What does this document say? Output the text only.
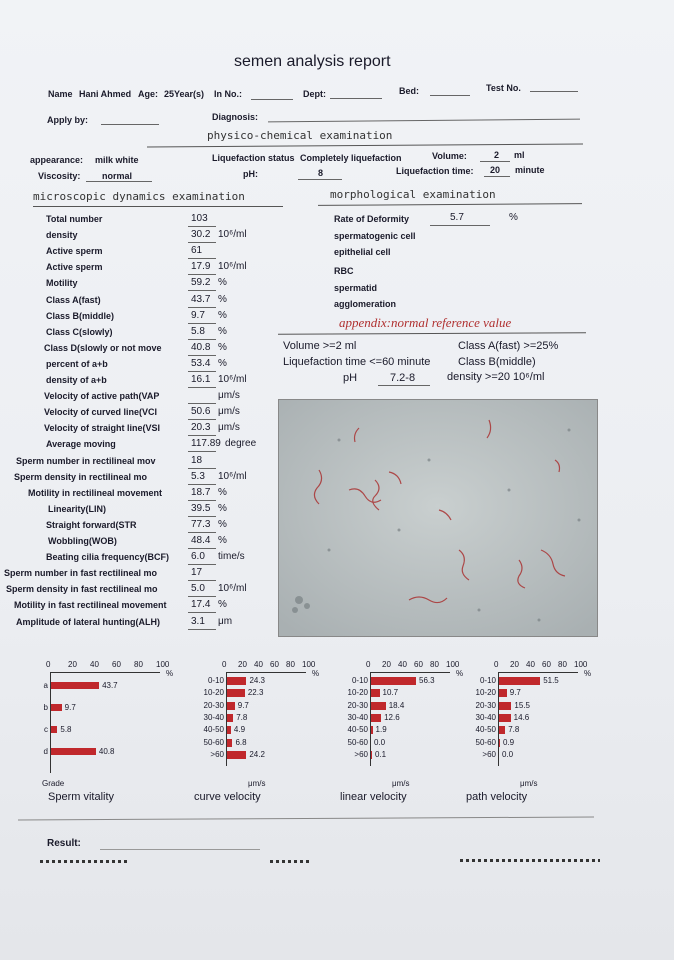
semen analysis report
Name Hani Ahmed Age: 25Year(s) In No.:	Dept:	Bed:	Test No.
Apply by:	Diagnosis:
physico-chemical examination
appearance: milk white	Liquefaction status Completely liquefaction	Volume:	2 ml
Viscosity: normal	pH:	8	Liquefaction time: 20 minute
microscopic dynamics examination	morphological examination
Total number	103
density	30.2 10⁶/ml
Active sperm	61
Active sperm	17.9 10⁶/ml
Motility	59.2 %
Class A(fast)	43.7 %
Class B(middle)	9.7 %
Class C(slowly)	5.8 %
Class D(slowly or not move	40.8 %
percent of a+b	53.4 %
density of a+b	16.1 10⁶/ml
Velocity of active path(VAP	μm/s
Velocity of curved line(VCI	50.6 μm/s
Velocity of straight line(VSI	20.3 μm/s
Average moving	117.89 degree
Sperm number in rectilineal mov	18
Sperm density in rectilineal mo	5.3 10⁶/ml
Motility in rectilineal movement	18.7 %
Linearity(LIN)	39.5 %
Straight forward(STR	77.3 %
Wobbling(WOB)	48.4 %
Beating cilia frequency(BCF) 6.0 time/s
Sperm number in fast rectilineal mo	17
Sperm density in fast rectilineal mo	5.0 10⁶/ml
Motility in fast rectilineal movement 17.4 %
Amplitude of lateral hunting(ALH)	3.1 μm
Rate of Deformity	5.7	%
spermatogenic cell
epithelial cell
RBC
spermatid
agglomeration
appendix:normal reference value
Volume >=2 ml	Class A(fast) >=25%
Liquefaction time <=60 minute	Class B(middle)
pH	7.2-8	density >=20 10⁶/ml
0 20 40 60 80 100
%
a	43.7
b 9.7
c 5.8
d	40.8
Grade
Sperm vitality
0 20 40 60 80 100
%
0-10	24.3
10-20	22.3
20-30 9.7
30-40 7.8
40-50 4.9
50-60 6.8
>60	24.2
μm/s
curve velocity
0 20 40 60 80 100
%
0-10	56.3
10-20 10.7
20-30	18.4
30-40 12.6
40-50 1.9
50-60 0.0
>60 0.1
μm/s
linear velocity
0 20 40 60 80 100
%
0-10	51.5
10-20 9.7
20-30 15.5
30-40 14.6
40-50 7.8
50-60 0.9
>60 0.0
μm/s
path velocity
Result:
